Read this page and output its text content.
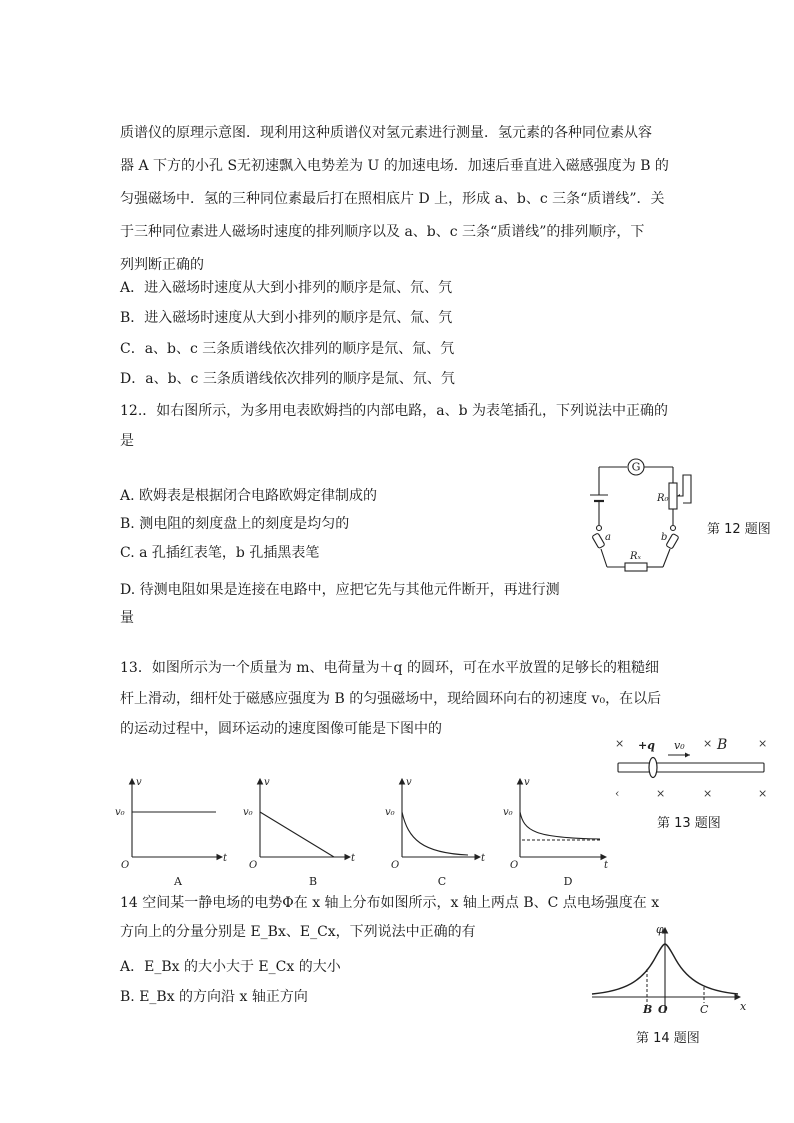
质谱仪的原理示意图．现利用这种质谱仪对氢元素进行测量．氢元素的各种同位素从容

器 A 下方的小孔 S无初速飘入电势差为 U 的加速电场．加速后垂直进入磁感强度为 B 的

匀强磁场中．氢的三种同位素最后打在照相底片 D 上，形成 a、b、c 三条“质谱线”．关

于三种同位素进人磁场时速度的排列顺序以及 a、b、c 三条“质谱线”的排列顺序，下

列判断正确的

A．进入磁场时速度从大到小排列的顺序是氚、氘、氕

B．进入磁场时速度从大到小排列的顺序是氘、氚、氕

C．a、b、c 三条质谱线依次排列的顺序是氘、氚、氕

D．a、b、c 三条质谱线依次排列的顺序是氚、氘、氕

12.．如右图所示，为多用电表欧姆挡的内部电路，a、b 为表笔插孔，下列说法中正确的

是

A. 欧姆表是根据闭合电路欧姆定律制成的

B. 测电阻的刻度盘上的刻度是均匀的

C. a 孔插红表笔，b 孔插黑表笔

D. 待测电阻如果是连接在电路中，应把它先与其他元件断开，再进行测

量

G
R₀
a	b
Rₓ
第 12 题图

13．如图所示为一个质量为 m、电荷量为＋q 的圆环，可在水平放置的足够长的粗糙细

杆上滑动，细杆处于磁感应强度为 B 的匀强磁场中，现给圆环向右的初速度 v₀，在以后

的运动过程中，圆环运动的速度图像可能是下图中的

×	×	×
‹	×	×	×
+q v₀ B
第 13 题图
v
t
O
v₀
A
v
t
O
v₀
B
v
t
O
v₀
C
v
t
O
v₀
D

14 空间某一静电场的电势Φ在 x 轴上分布如图所示，x 轴上两点 B、C 点电场强度在 x

方向上的分量分别是 E_Bx、E_Cx，下列说法中正确的有

A．E_Bx 的大小大于 E_Cx 的大小

B. E_Bx 的方向沿 x 轴正方向

φ
B O	C	x
第 14 题图
